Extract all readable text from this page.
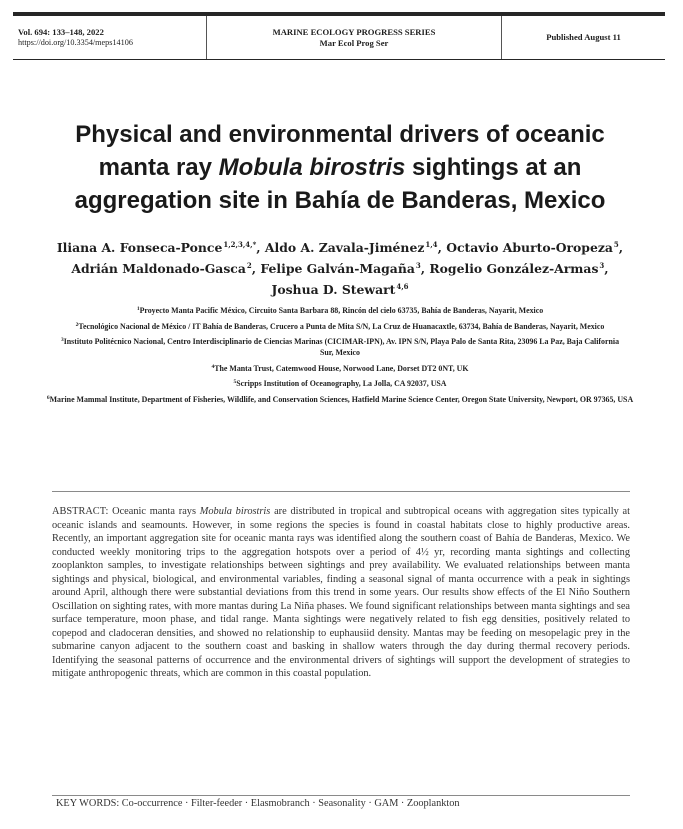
Vol. 694: 133–148, 2022
https://doi.org/10.3354/meps14106
MARINE ECOLOGY PROGRESS SERIES
Mar Ecol Prog Ser
Published August 11
Physical and environmental drivers of oceanic
manta ray Mobula birostris sightings at an
aggregation site in Bahía de Banderas, Mexico
Iliana A. Fonseca-Ponce$^{1,2,3,4,*}$, Aldo A. Zavala-Jiménez$^{1,4}$, Octavio Aburto-Oropeza$^5$,
Adrián Maldonado-Gasca$^2$, Felipe Galván-Magaña$^3$, Rogelio González-Armas$^3$,
Joshua D. Stewart$^{4,6}$

$^1$Proyecto Manta Pacific México, Circuito Santa Barbara 88, Rincón del cielo 63735, Bahía de Banderas, Nayarit, Mexico

$^2$Tecnológico Nacional de México / IT Bahía de Banderas, Crucero a Punta de Mita S/N, La Cruz de Huanacaxtle, 63734, Bahía de Banderas, Nayarit, Mexico

$^3$Instituto Politécnico Nacional, Centro Interdisciplinario de Ciencias Marinas (CICIMAR-IPN), Av. IPN S/N, Playa Palo de Santa Rita, 23096 La Paz, Baja California Sur, Mexico

$^4$The Manta Trust, Catemwood House, Norwood Lane, Dorset DT2 0NT, UK

$^5$Scripps Institution of Oceanography, La Jolla, CA 92037, USA

$^6$Marine Mammal Institute, Department of Fisheries, Wildlife, and Conservation Sciences, Hatfield Marine Science Center, Oregon State University, Newport, OR 97365, USA

ABSTRACT: Oceanic manta rays Mobula birostris are distributed in tropical and subtropical oceans with aggregation sites typically at oceanic islands and seamounts. However, in some regions the species is found in coastal habitats close to highly productive areas. Recently, an important aggregation site for oceanic manta rays was identified along the southern coast of Bahía de Banderas, Mexico. We conducted weekly monitoring trips to the aggregation hotspots over a period of 4½ yr, recording manta sightings and collecting zooplankton samples, to investigate relationships between sightings and prey availability. We evaluated relationships between manta sightings and physical, biological, and environmental variables, finding a seasonal signal of manta occurrence with a peak in sightings around April, although there were substantial deviations from this trend in some years. Our results show effects of the El Niño Southern Oscillation on sighting rates, with more mantas during La Niña phases. We found significant relationships between manta sightings and sea surface temperature, moon phase, and tidal range. Manta sightings were negatively related to fish egg densities, positively related to copepod and cladoceran densities, and showed no relationship to euphausiid density. Mantas may be feeding on mesopelagic prey in the submarine canyon adjacent to the southern coast and basking in shallow waters through the day during thermal recovery periods. Identifying the seasonal patterns of occurrence and the environmental drivers of sightings will support the development of strategies to mitigate anthropogenic threats, which are common in this coastal population.
KEY WORDS: Co-occurrence · Filter-feeder · Elasmobranch · Seasonality · GAM · Zooplankton
